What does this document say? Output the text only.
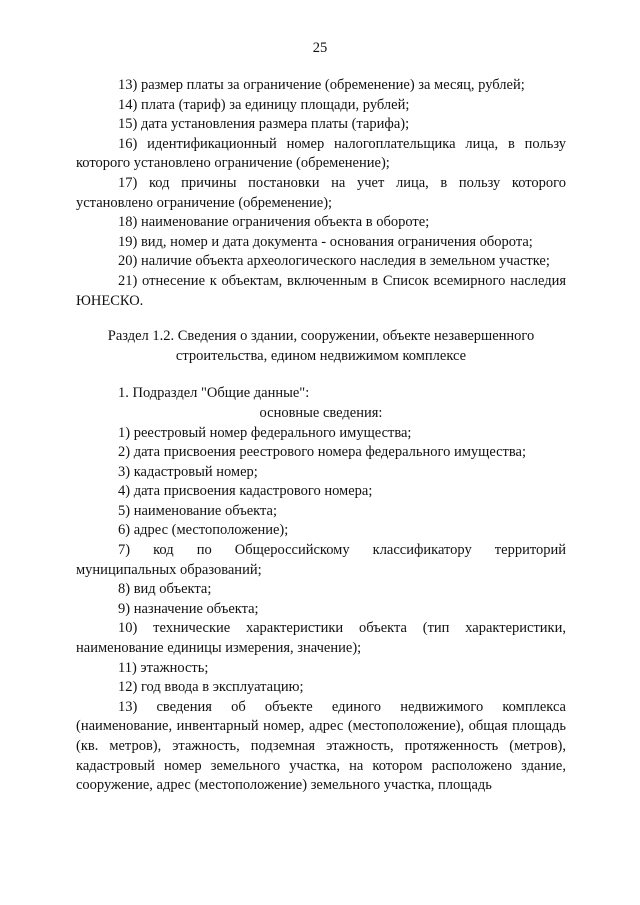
25

13) размер платы за ограничение (обременение) за месяц, рублей;

14) плата (тариф) за единицу площади, рублей;

15) дата установления размера платы (тарифа);

16) идентификационный номер налогоплательщика лица, в пользу которого установлено ограничение (обременение);

17) код причины постановки на учет лица, в пользу которого установлено ограничение (обременение);

18) наименование ограничения объекта в обороте;

19) вид, номер и дата документа - основания ограничения оборота;

20) наличие объекта археологического наследия в земельном участке;

21) отнесение к объектам, включенным в Список всемирного наследия ЮНЕСКО.

Раздел 1.2. Сведения о здании, сооружении, объекте незавершенного
строительства, едином недвижимом комплексе

1. Подраздел "Общие данные":

основные сведения:

1) реестровый номер федерального имущества;

2) дата присвоения реестрового номера федерального имущества;

3) кадастровый номер;

4) дата присвоения кадастрового номера;

5) наименование объекта;

6) адрес (местоположение);

7) код по Общероссийскому классификатору территорий муниципальных образований;

8) вид объекта;

9) назначение объекта;

10) технические характеристики объекта (тип характеристики, наименование единицы измерения, значение);

11) этажность;

12) год ввода в эксплуатацию;

13) сведения об объекте единого недвижимого комплекса (наименование, инвентарный номер, адрес (местоположение), общая площадь (кв. метров), этажность, подземная этажность, протяженность (метров), кадастровый номер земельного участка, на котором расположено здание, сооружение, адрес (местоположение) земельного участка, площадь
